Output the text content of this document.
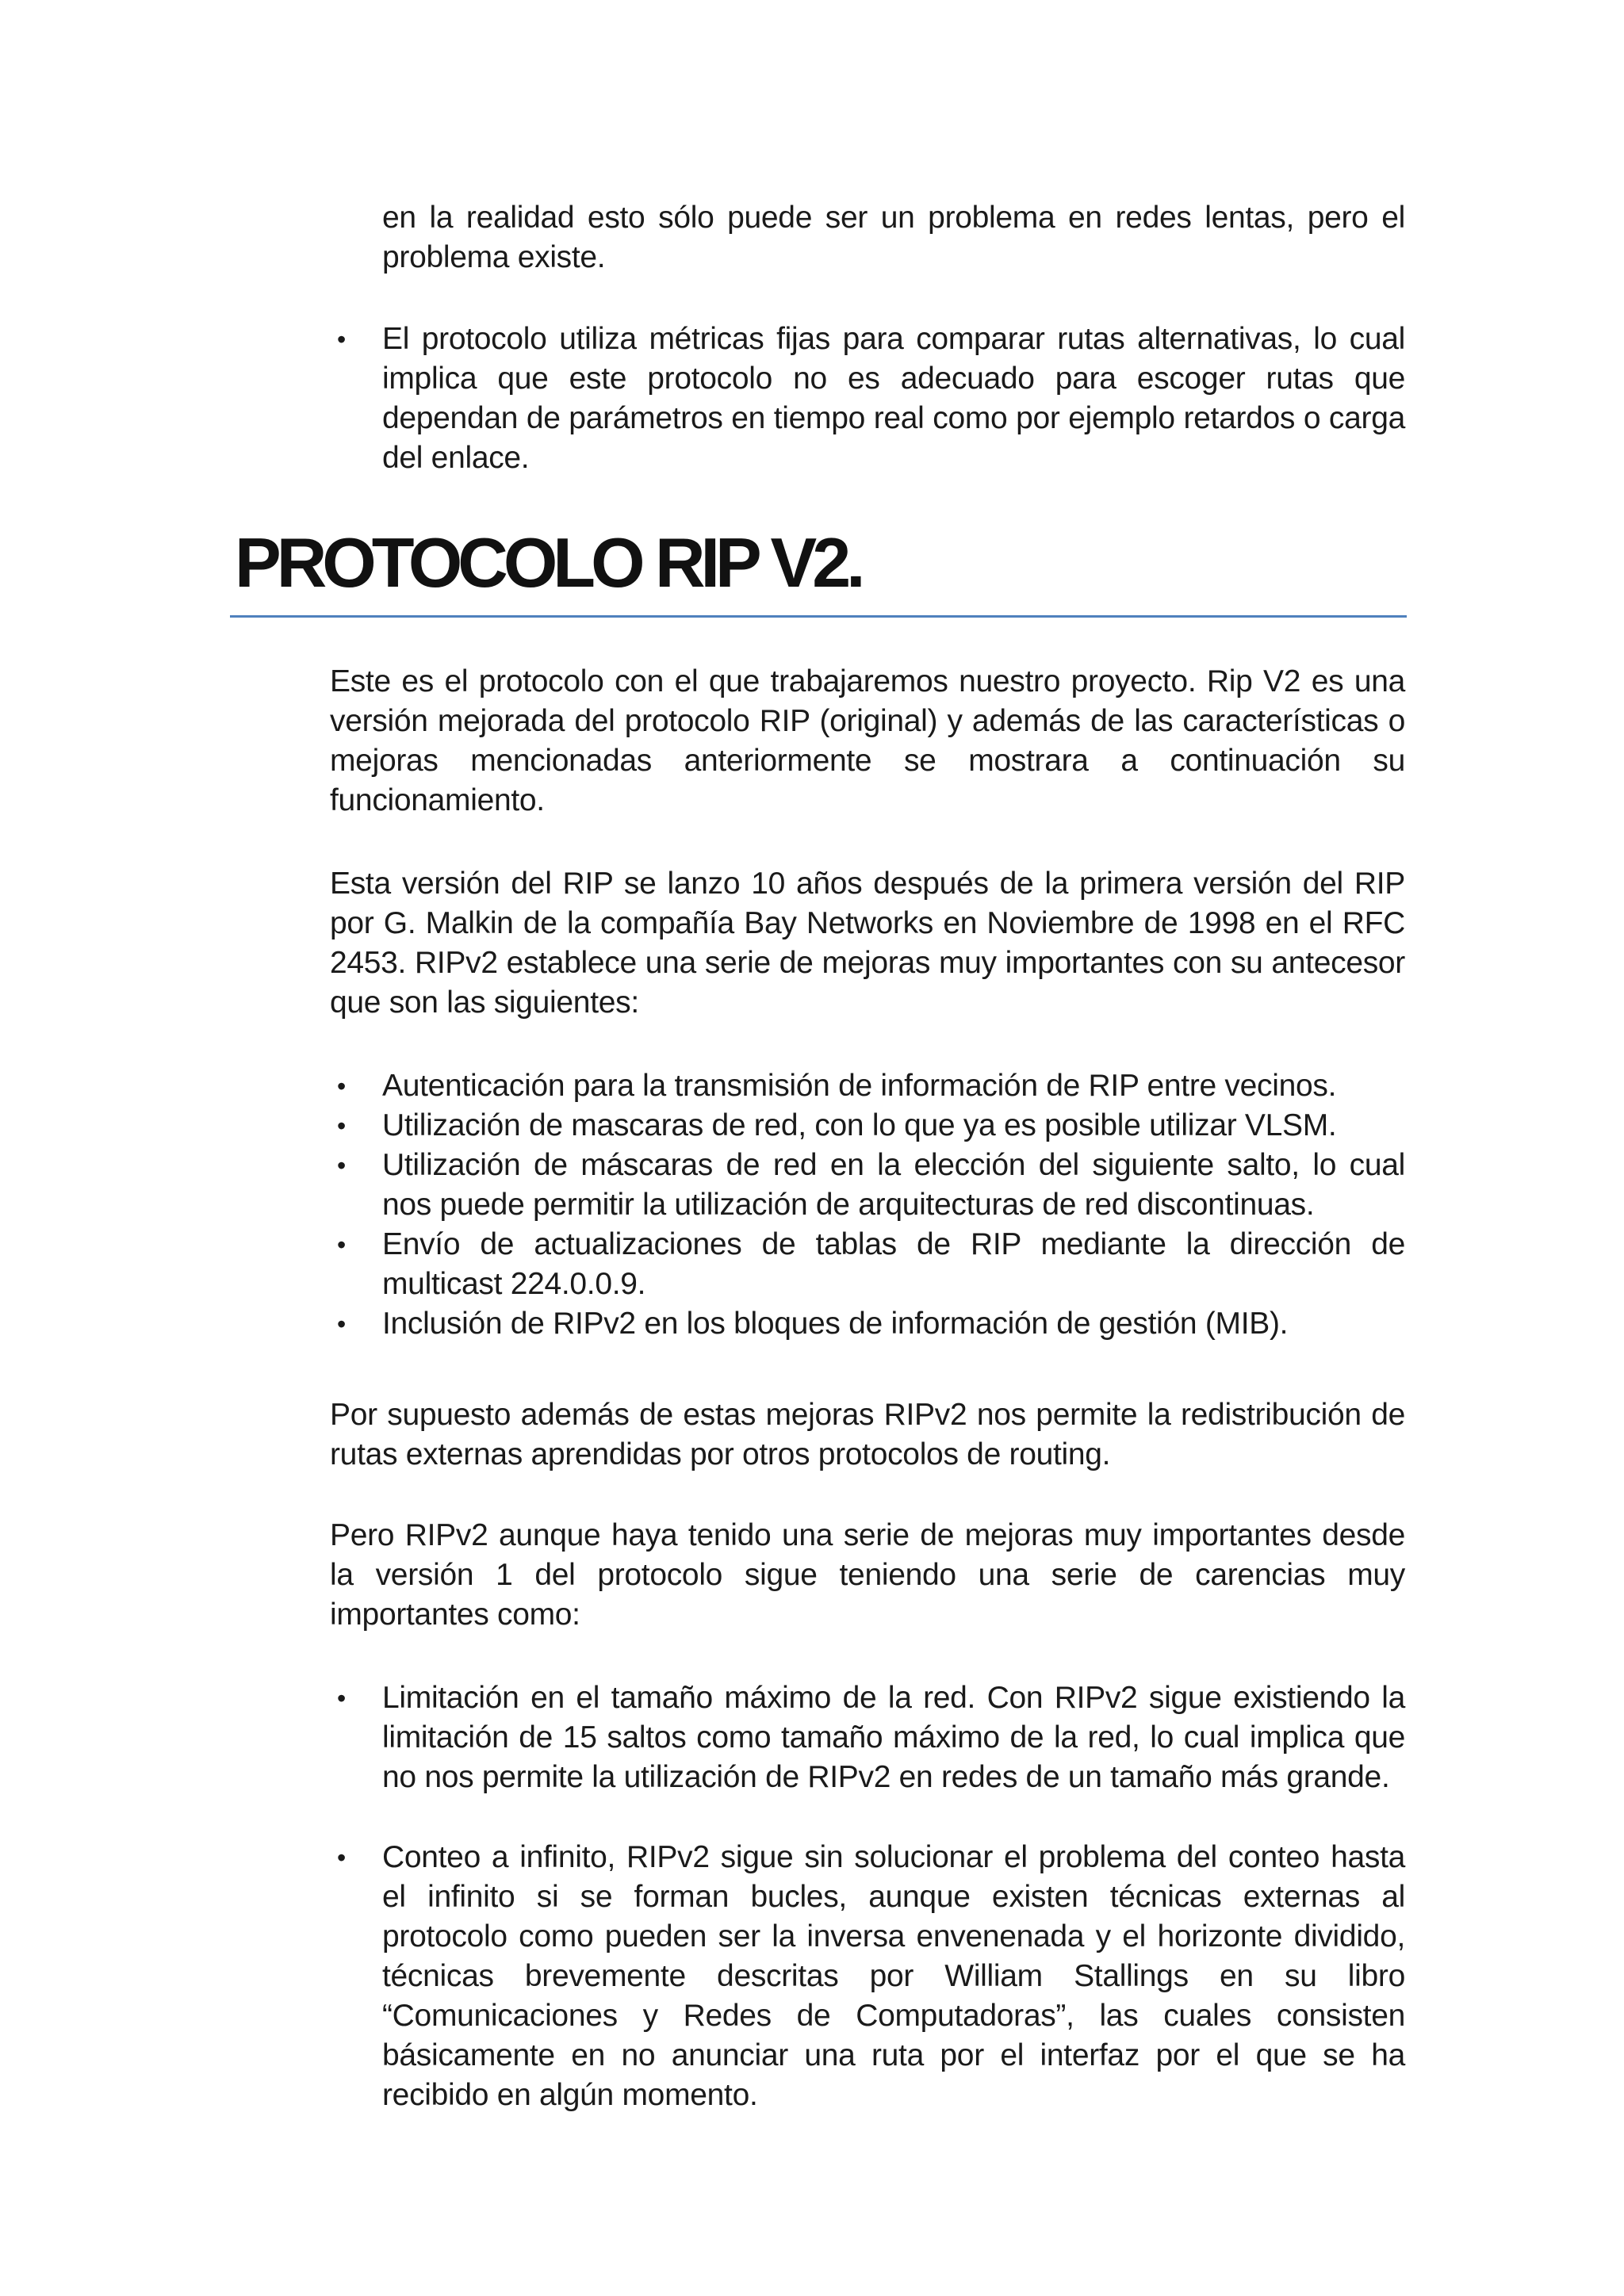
en la realidad esto sólo puede ser un problema en redes lentas, pero el problema existe.

• El protocolo utiliza métricas fijas para comparar rutas alternativas, lo cual implica que este protocolo no es adecuado para escoger rutas que dependan de parámetros en tiempo real como por ejemplo retardos o carga del enlace.
PROTOCOLO RIP V2.

Este es el protocolo con el que trabajaremos nuestro proyecto. Rip V2 es una versión mejorada del protocolo RIP (original) y además de las características o mejoras mencionadas anteriormente se mostrara a continuación su funcionamiento.

Esta versión del RIP se lanzo 10 años después de la primera versión del RIP por G. Malkin de la compañía Bay Networks en Noviembre de 1998 en el RFC 2453. RIPv2 establece una serie de mejoras muy importantes con su antecesor que son las siguientes:

• Autenticación para la transmisión de información de RIP entre vecinos.
• Utilización de mascaras de red, con lo que ya es posible utilizar VLSM.
• Utilización de máscaras de red en la elección del siguiente salto, lo cual nos puede permitir la utilización de arquitecturas de red discontinuas.
• Envío de actualizaciones de tablas de RIP mediante la dirección de multicast 224.0.0.9.
• Inclusión de RIPv2 en los bloques de información de gestión (MIB).

Por supuesto además de estas mejoras RIPv2 nos permite la redistribución de rutas externas aprendidas por otros protocolos de routing.

Pero RIPv2 aunque haya tenido una serie de mejoras muy importantes desde la versión 1 del protocolo sigue teniendo una serie de carencias muy importantes como:

• Limitación en el tamaño máximo de la red. Con RIPv2 sigue existiendo la limitación de 15 saltos como tamaño máximo de la red, lo cual implica que no nos permite la utilización de RIPv2 en redes de un tamaño más grande.
• Conteo a infinito, RIPv2 sigue sin solucionar el problema del conteo hasta el infinito si se forman bucles, aunque existen técnicas externas al protocolo como pueden ser la inversa envenenada y el horizonte dividido, técnicas brevemente descritas por William Stallings en su libro “Comunicaciones y Redes de Computadoras”, las cuales consisten básicamente en no anunciar una ruta por el interfaz por el que se ha recibido en algún momento.
